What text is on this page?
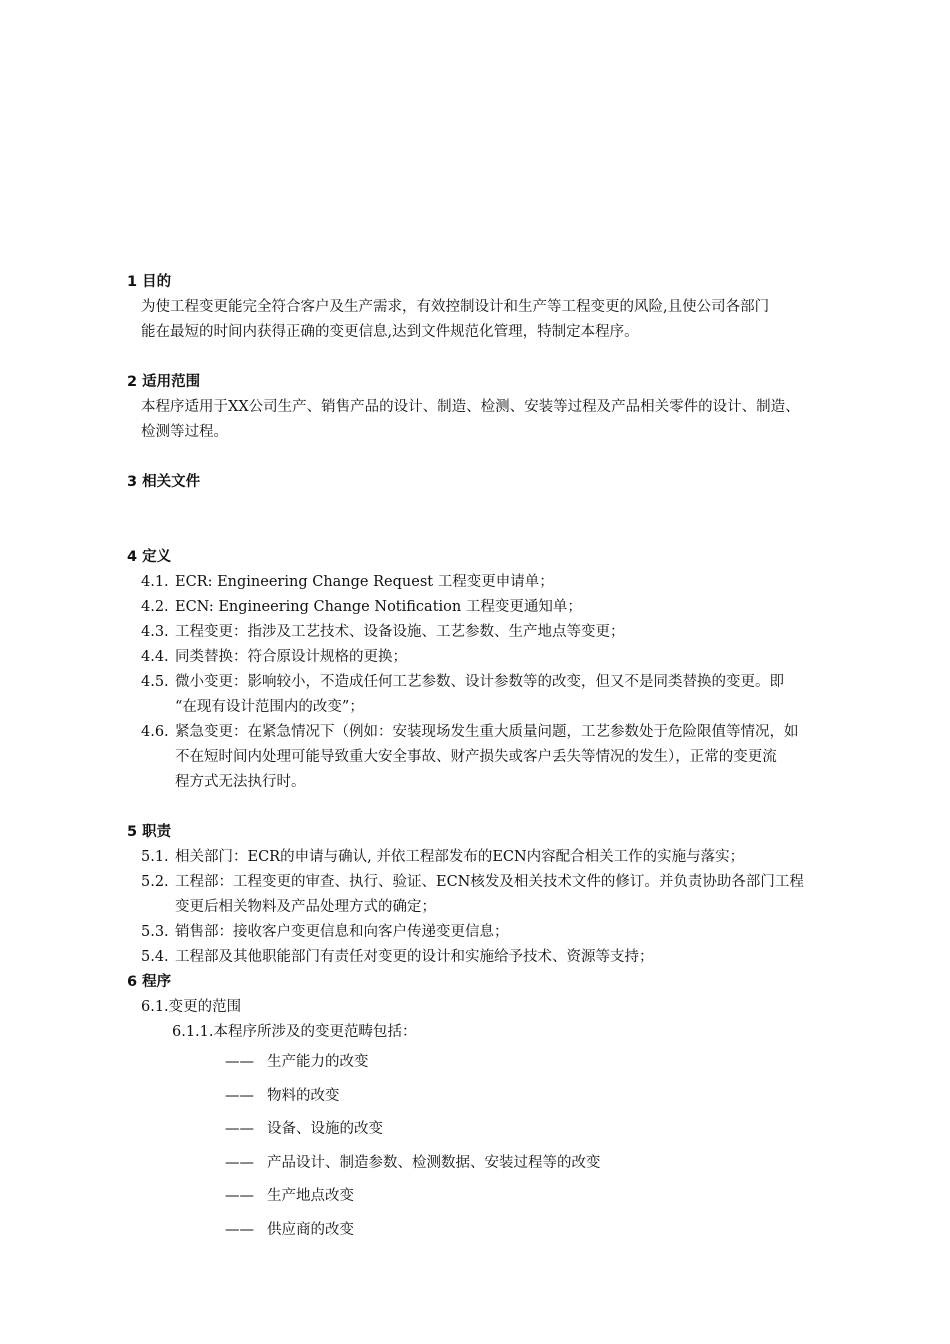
1 目的
为使工程变更能完全符合客户及生产需求，有效控制设计和生产等工程变更的风险,且使公司各部门
能在最短的时间内获得正确的变更信息,达到文件规范化管理，特制定本程序。
2 适用范围
本程序适用于XX公司生产、销售产品的设计、制造、检测、安装等过程及产品相关零件的设计、制造、
检测等过程。
3 相关文件
4 定义
4.1. ECR: Engineering Change Request 工程变更申请单；
4.2. ECN: Engineering Change Notification 工程变更通知单；
4.3. 工程变更：指涉及工艺技术、设备设施、工艺参数、生产地点等变更；
4.4. 同类替换：符合原设计规格的更换；
4.5. 微小变更：影响较小，不造成任何工艺参数、设计参数等的改变，但又不是同类替换的变更。即
“在现有设计范围内的改变”；
4.6. 紧急变更：在紧急情况下（例如：安装现场发生重大质量问题，工艺参数处于危险限值等情况，如
不在短时间内处理可能导致重大安全事故、财产损失或客户丢失等情况的发生），正常的变更流
程方式无法执行时。
5 职责
5.1. 相关部门：ECR的申请与确认, 并依工程部发布的ECN内容配合相关工作的实施与落实；
5.2. 工程部：工程变更的审查、执行、验证、ECN核发及相关技术文件的修订。并负责协助各部门工程
变更后相关物料及产品处理方式的确定；
5.3. 销售部：接收客户变更信息和向客户传递变更信息；
5.4. 工程部及其他职能部门有责任对变更的设计和实施给予技术、资源等支持；
6 程序
6.1.变更的范围
6.1.1.本程序所涉及的变更范畴包括：
—— 生产能力的改变
—— 物料的改变
—— 设备、设施的改变
—— 产品设计、制造参数、检测数据、安装过程等的改变
—— 生产地点改变
—— 供应商的改变
